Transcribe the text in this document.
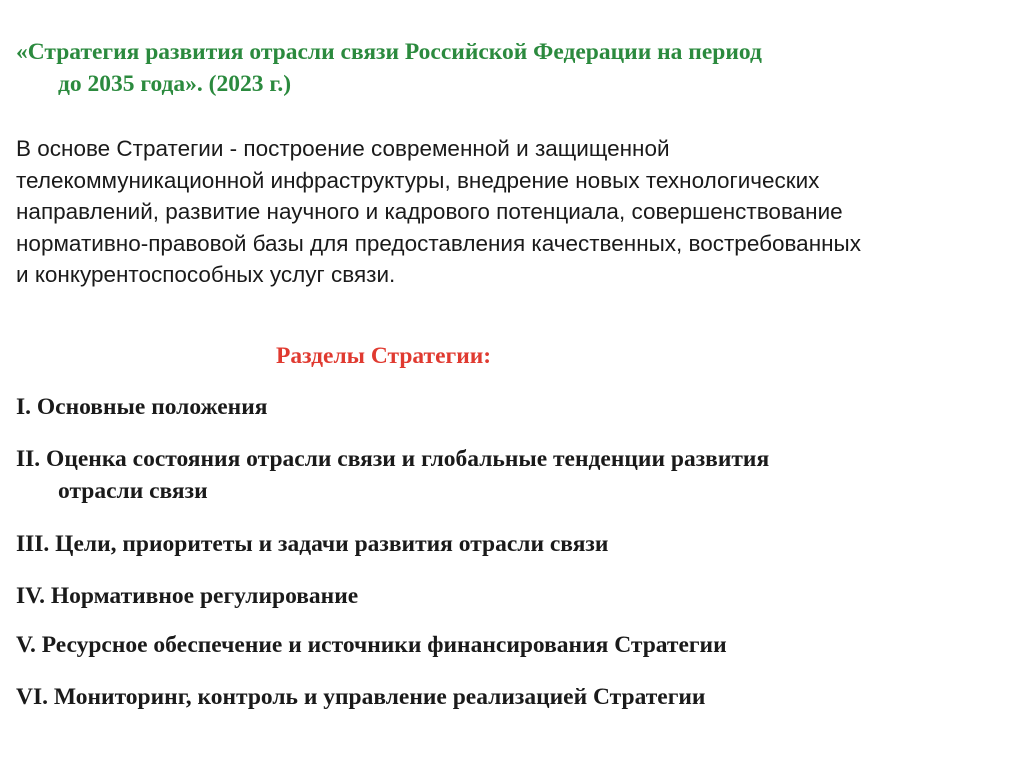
«Стратегия развития отрасли связи Российской Федерации на период
до 2035 года». (2023 г.)
В основе Стратегии - построение современной и защищенной
телекоммуникационной инфраструктуры, внедрение новых технологических
направлений, развитие научного и кадрового потенциала, совершенствование
нормативно-правовой базы для предоставления качественных, востребованных
и конкурентоспособных услуг связи.
Разделы Стратегии:
I. Основные положения
II. Оценка состояния отрасли связи и глобальные тенденции развития
отрасли связи
III. Цели, приоритеты и задачи развития отрасли связи
IV. Нормативное регулирование
V. Ресурсное обеспечение и источники финансирования Стратегии
VI. Мониторинг, контроль и управление реализацией Стратегии
